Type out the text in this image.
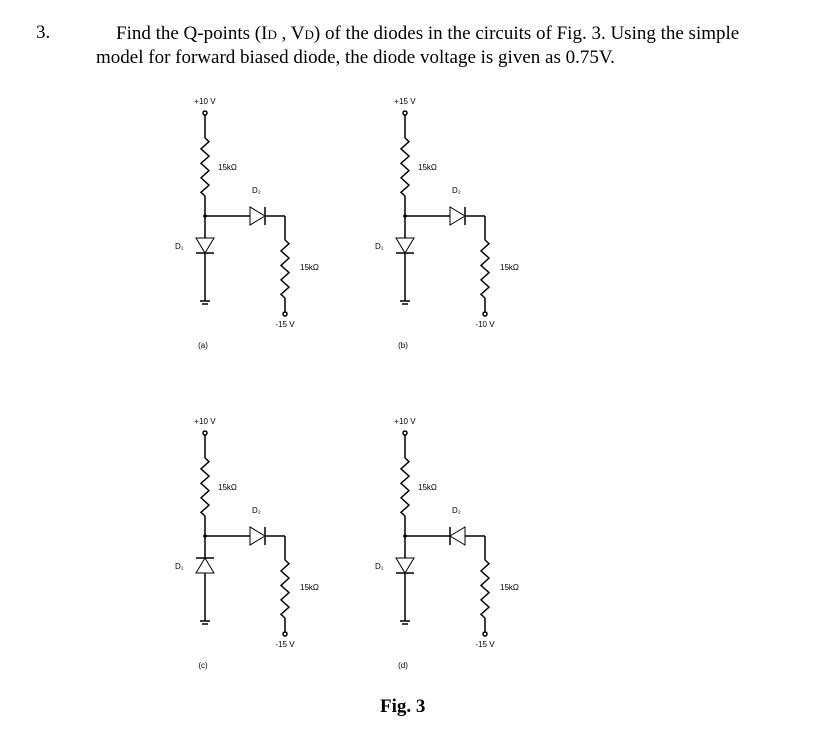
3.	Find the Q-points (ID , VD) of the diodes in the circuits of Fig. 3. Using the simple
model for forward biased diode, the diode voltage is given as 0.75V.
+10 V
15kΩ
D₁
D₂
15kΩ
-15 V
(a)
+15 V
15kΩ
D₁
D₂
15kΩ
-10 V
(b)
+10 V
15kΩ
D₁
D₂
15kΩ
-15 V
(c)
+10 V
15kΩ
D₁
D₂
15kΩ
-15 V
(d)
Fig. 3
